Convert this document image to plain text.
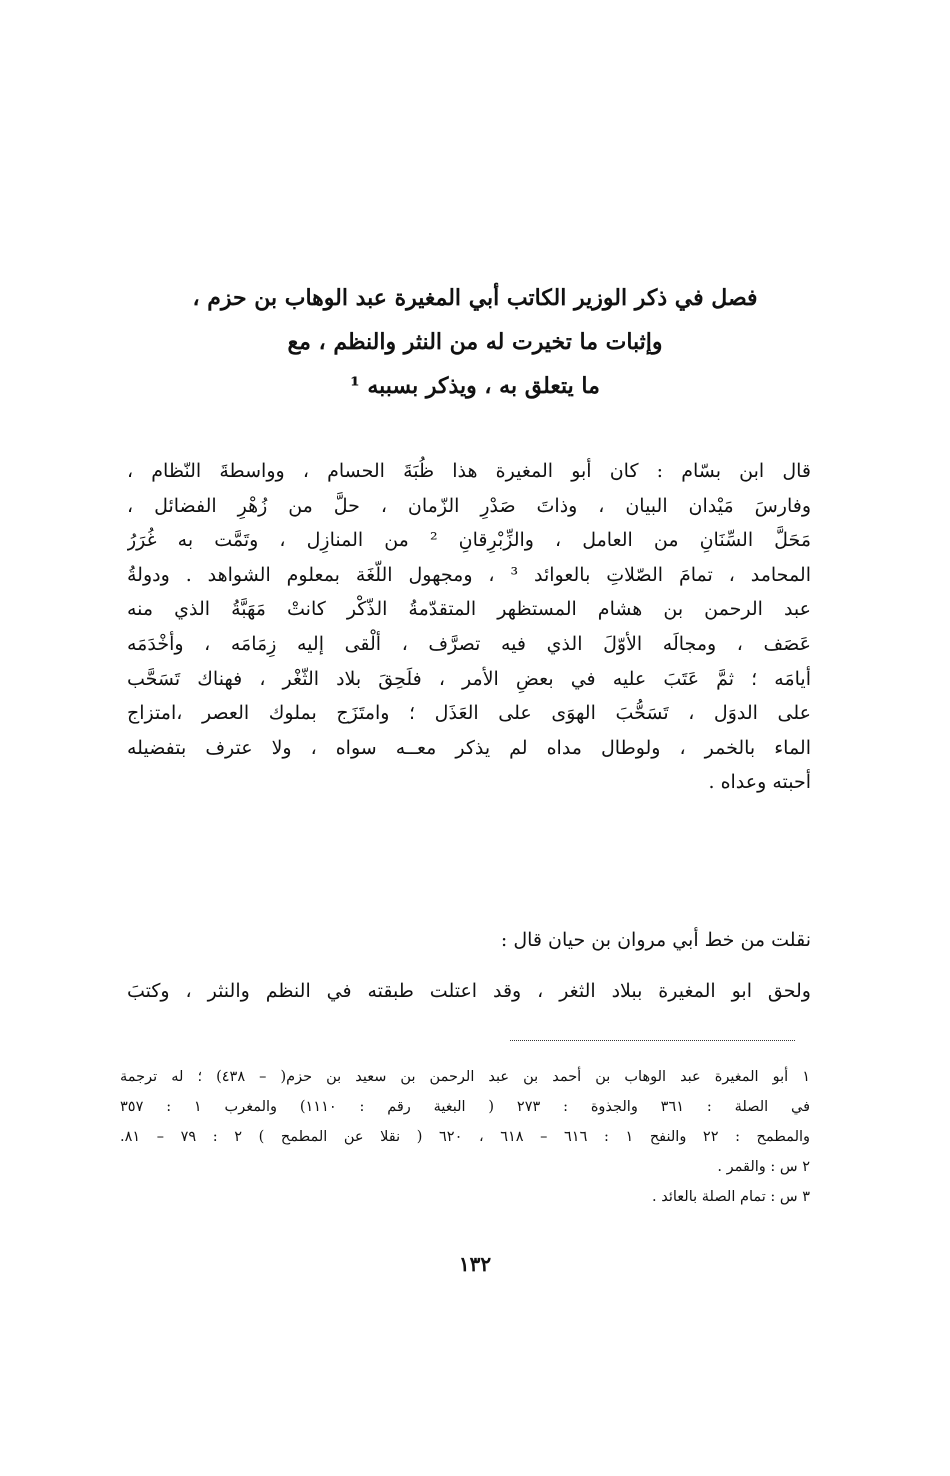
فصل في ذكر الوزير الكاتب أبي المغيرة عبد الوهاب بن حزم ،
وإثبات ما تخيرت له من النثر والنظم ، مع
ما يتعلق به ، ويذكر بسببه ¹
قال ابن بسّام : كان أبو المغيرة هذا ظُبَةَ الحسام ، وواسطةَ النّظام ،
وفارسَ مَيْدان البيان ، وذاتَ صَدْرِ الزّمان ، حلَّ من زُهْرِ الفضائل ،
مَحَلَّ السِّنَانِ من العامل ، والزِّبْرِقانِ ² من المنازِل ، وتَمَّت به غُرَرُ
المحامد ، تمامَ الصّلاتِ بالعوائد ³ ، ومجهول اللّغَة بمعلوم الشواهد . ودولةُ
عبد الرحمن بن هشام المستظهر المتقدّمةُ الذّكْر كانتْ مَهَبَّةُ الذي منه
عَصَف ، ومجالَه الأوّلَ الذي فيه تصرَّف ، ألْقى إليه زِمَامَه ، وأخْدَمَه
أيامَه ؛ ثمَّ عَتَبَ عليه في بعضِ الأمر ، فلَحِقَ بلاد الثّغْر ، فهناك تَسَحَّب
على الدوَل ، تَسَحُّبَ الهوَى على العَذَل ؛ وامتَزَج بملوك العصر ،امتزاج
الماء بالخمر ، ولوطال مداه لم يذكر معــه سواه ، ولا عترف بتفضيله
أحبته وعداه .
نقلت من خط أبي مروان بن حيان قال :
ولحق ابو المغيرة ببلاد الثغر ، وقد اعتلت طبقته في النظم والنثر ، وكتبَ
١ أبو المغيرة عبد الوهاب بن أحمد بن عبد الرحمن بن سعيد بن حزم( – ٤٣٨) ؛ له ترجمة
في الصلة : ٣٦١ والجذوة : ٢٧٣ ( البغية رقم : ١١١٠) والمغرب ١ : ٣٥٧
والمطمح : ٢٢ والنفح ١ : ٦١٦ – ٦١٨ ، ٦٢٠ ( نقلا عن المطمح ) ٢ : ٧٩ – ٨١.
٢ س : والقمر .
٣ س : تمام الصلة بالعائد .
١٣٢
